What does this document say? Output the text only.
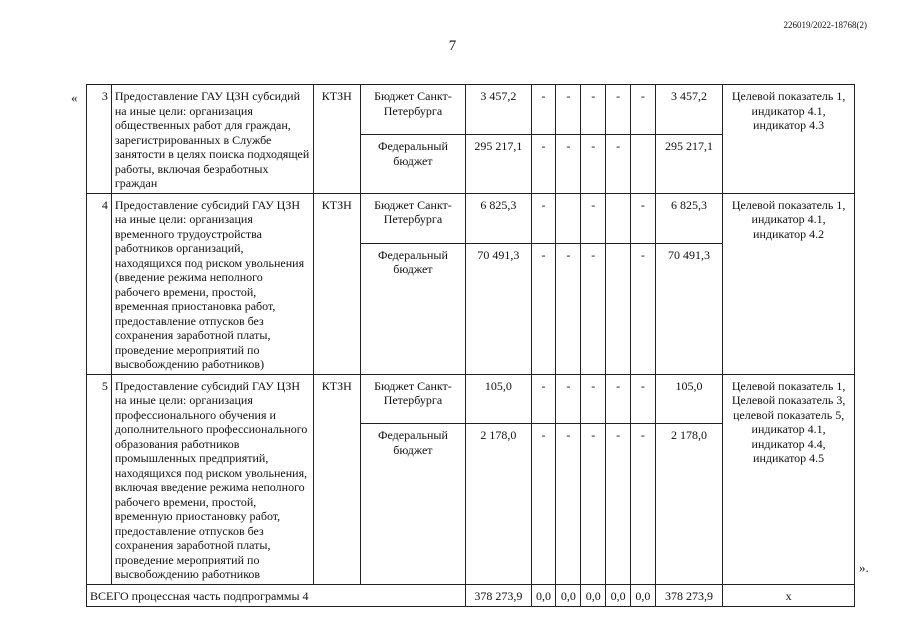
226019/2022-18768(2)
7
«
».
3	Предоставление ГАУ ЦЗН субсидий на иные цели: организация общественных работ для граждан, зарегистрированных в Службе занятости в целях поиска подходящей работы, включая безработных граждан	КТЗН	Бюджет Санкт-Петербурга	3 457,2	-	-	-	-	-	3 457,2	Целевой показатель 1, индикатор 4.1, индикатор 4.3
			Федеральный бюджет	295 217,1	-	-	-	-		295 217,1	
4	Предоставление субсидий ГАУ ЦЗН на иные цели: организация временного трудоустройства работников организаций, находящихся под риском увольнения (введение режима неполного рабочего времени, простой, временная приостановка работ, предоставление отпусков без сохранения заработной платы, проведение мероприятий по высвобождению работников)	КТЗН	Бюджет Санкт-Петербурга	6 825,3	-		-		-	6 825,3	Целевой показатель 1, индикатор 4.1, индикатор 4.2
			Федеральный бюджет	70 491,3	-	-	-		-	70 491,3	
5	Предоставление субсидий ГАУ ЦЗН на иные цели: организация профессионального обучения и дополнительного профессионального образования работников промышленных предприятий, находящихся под риском увольнения, включая введение режима неполного рабочего времени, простой, временную приостановку работ, предоставление отпусков без сохранения заработной платы, проведение мероприятий по высвобождению работников	КТЗН	Бюджет Санкт-Петербурга	105,0	-	-	-	-	-	105,0	Целевой показатель 1, Целевой показатель 3, целевой показатель 5, индикатор 4.1, индикатор 4.4, индикатор 4.5
			Федеральный бюджет	2 178,0	-	-	-	-	-	2 178,0	
ВСЕГО процессная часть подпрограммы 4				378 273,9	0,0	0,0	0,0	0,0	0,0	378 273,9	х
